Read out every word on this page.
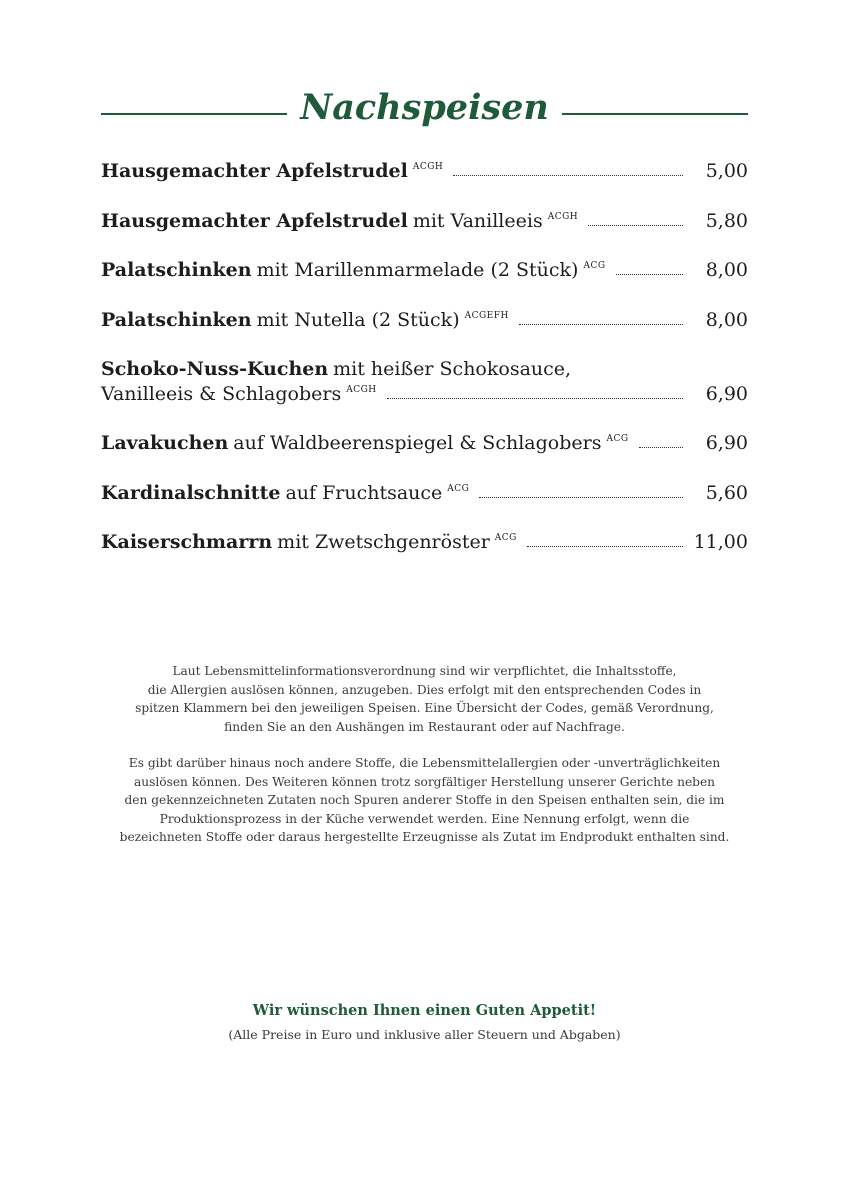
Nachspeisen
Hausgemachter Apfelstrudel ACGH	5,00
Hausgemachter Apfelstrudel mit Vanilleeis ACGH	5,80
Palatschinken mit Marillenmarmelade (2 Stück) ACG	8,00
Palatschinken mit Nutella (2 Stück) ACGEFH	8,00
Schoko-Nuss-Kuchen mit heißer Schokosauce,
Vanilleeis & Schlagobers ACGH	6,90
Lavakuchen auf Waldbeerenspiegel & Schlagobers ACG	6,90
Kardinalschnitte auf Fruchtsauce ACG	5,60
Kaiserschmarrn mit Zwetschgenröster ACG	11,00

Laut Lebensmittelinformationsverordnung sind wir verpflichtet, die Inhaltsstoffe,
die Allergien auslösen können, anzugeben. Dies erfolgt mit den entsprechenden Codes in
spitzen Klammern bei den jeweiligen Speisen. Eine Übersicht der Codes, gemäß Verordnung,
finden Sie an den Aushängen im Restaurant oder auf Nachfrage.

Es gibt darüber hinaus noch andere Stoffe, die Lebensmittelallergien oder -unverträglichkeiten
auslösen können. Des Weiteren können trotz sorgfältiger Herstellung unserer Gerichte neben
den gekennzeichneten Zutaten noch Spuren anderer Stoffe in den Speisen enthalten sein, die im
Produktionsprozess in der Küche verwendet werden. Eine Nennung erfolgt, wenn die
bezeichneten Stoffe oder daraus hergestellte Erzeugnisse als Zutat im Endprodukt enthalten sind.

Wir wünschen Ihnen einen Guten Appetit!
(Alle Preise in Euro und inklusive aller Steuern und Abgaben)
